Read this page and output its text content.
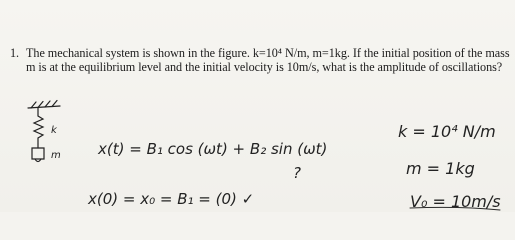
1. The mechanical system is shown in the figure. k=10⁴ N/m, m=1kg. If the initial position of the mass
m is at the equilibrium level and the initial velocity is 10m/s, what is the amplitude of oscillations?
k
m x(t) = B₁ cos (ωt) + B₂ sin (ωt)
?
x(0) = x₀ = B₁ = (0) ✓
k = 10⁴ N/m
m = 1kg
V₀ = 10m/s
